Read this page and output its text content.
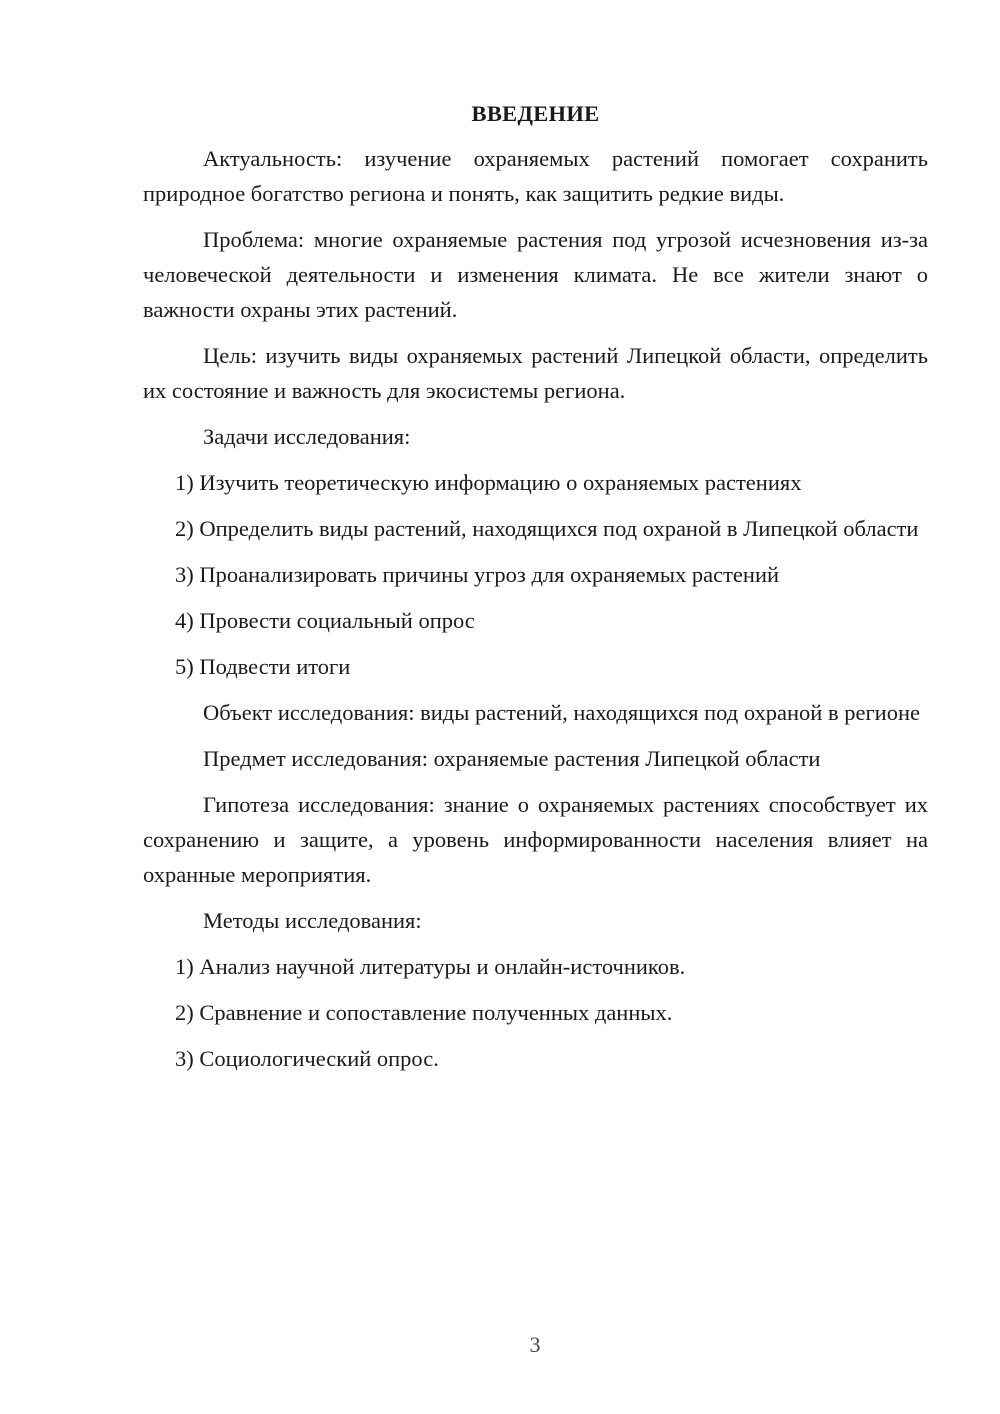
ВВЕДЕНИЕ

Актуальность: изучение охраняемых растений помогает сохранить природное богатство региона и понять, как защитить редкие виды.

Проблема: многие охраняемые растения под угрозой исчезновения из-за человеческой деятельности и изменения климата. Не все жители знают о важности охраны этих растений.

Цель: изучить виды охраняемых растений Липецкой области, определить их состояние и важность для экосистемы региона.

Задачи исследования:

1) Изучить теоретическую информацию о охраняемых растениях

2) Определить виды растений, находящихся под охраной в Липецкой области

3) Проанализировать причины угроз для охраняемых растений

4) Провести социальный опрос

5) Подвести итоги

Объект исследования: виды растений, находящихся под охраной в регионе

Предмет исследования: охраняемые растения Липецкой области

Гипотеза исследования: знание о охраняемых растениях способствует их сохранению и защите, а уровень информированности населения влияет на охранные мероприятия.

Методы исследования:

1) Анализ научной литературы и онлайн-источников.

2) Сравнение и сопоставление полученных данных.

3) Социологический опрос.

3
